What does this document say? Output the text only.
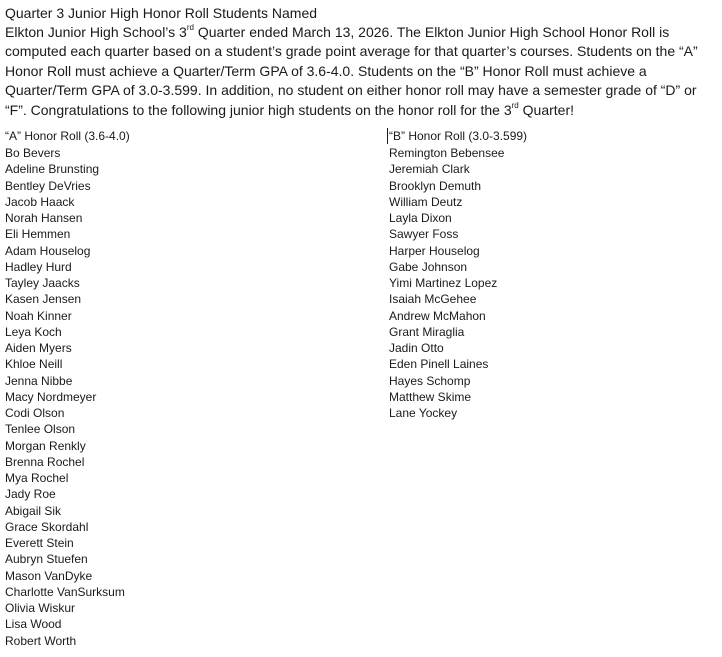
Quarter 3 Junior High Honor Roll Students Named

Elkton Junior High School’s 3rd Quarter ended March 13, 2026. The Elkton Junior High School Honor Roll is computed each quarter based on a student’s grade point average for that quarter’s courses. Students on the “A” Honor Roll must achieve a Quarter/Term GPA of 3.6-4.0. Students on the “B” Honor Roll must achieve a Quarter/Term GPA of 3.0-3.599. In addition, no student on either honor roll may have a semester grade of “D” or “F”. Congratulations to the following junior high students on the honor roll for the 3rd Quarter!

“A” Honor Roll (3.6-4.0)

Bo Bevers
Adeline Brunsting
Bentley DeVries
Jacob Haack
Norah Hansen
Eli Hemmen
Adam Houselog
Hadley Hurd
Tayley Jaacks
Kasen Jensen
Noah Kinner
Leya Koch
Aiden Myers
Khloe Neill
Jenna Nibbe
Macy Nordmeyer
Codi Olson
Tenlee Olson
Morgan Renkly
Brenna Rochel
Mya Rochel
Jady Roe
Abigail Sik
Grace Skordahl
Everett Stein
Aubryn Stuefen
Mason VanDyke
Charlotte VanSurksum
Olivia Wiskur
Lisa Wood
Robert Worth

“B” Honor Roll (3.0-3.599)

Remington Bebensee
Jeremiah Clark
Brooklyn Demuth
William Deutz
Layla Dixon
Sawyer Foss
Harper Houselog
Gabe Johnson
Yimi Martinez Lopez
Isaiah McGehee
Andrew McMahon
Grant Miraglia
Jadin Otto
Eden Pinell Laines
Hayes Schomp
Matthew Skime
Lane Yockey
